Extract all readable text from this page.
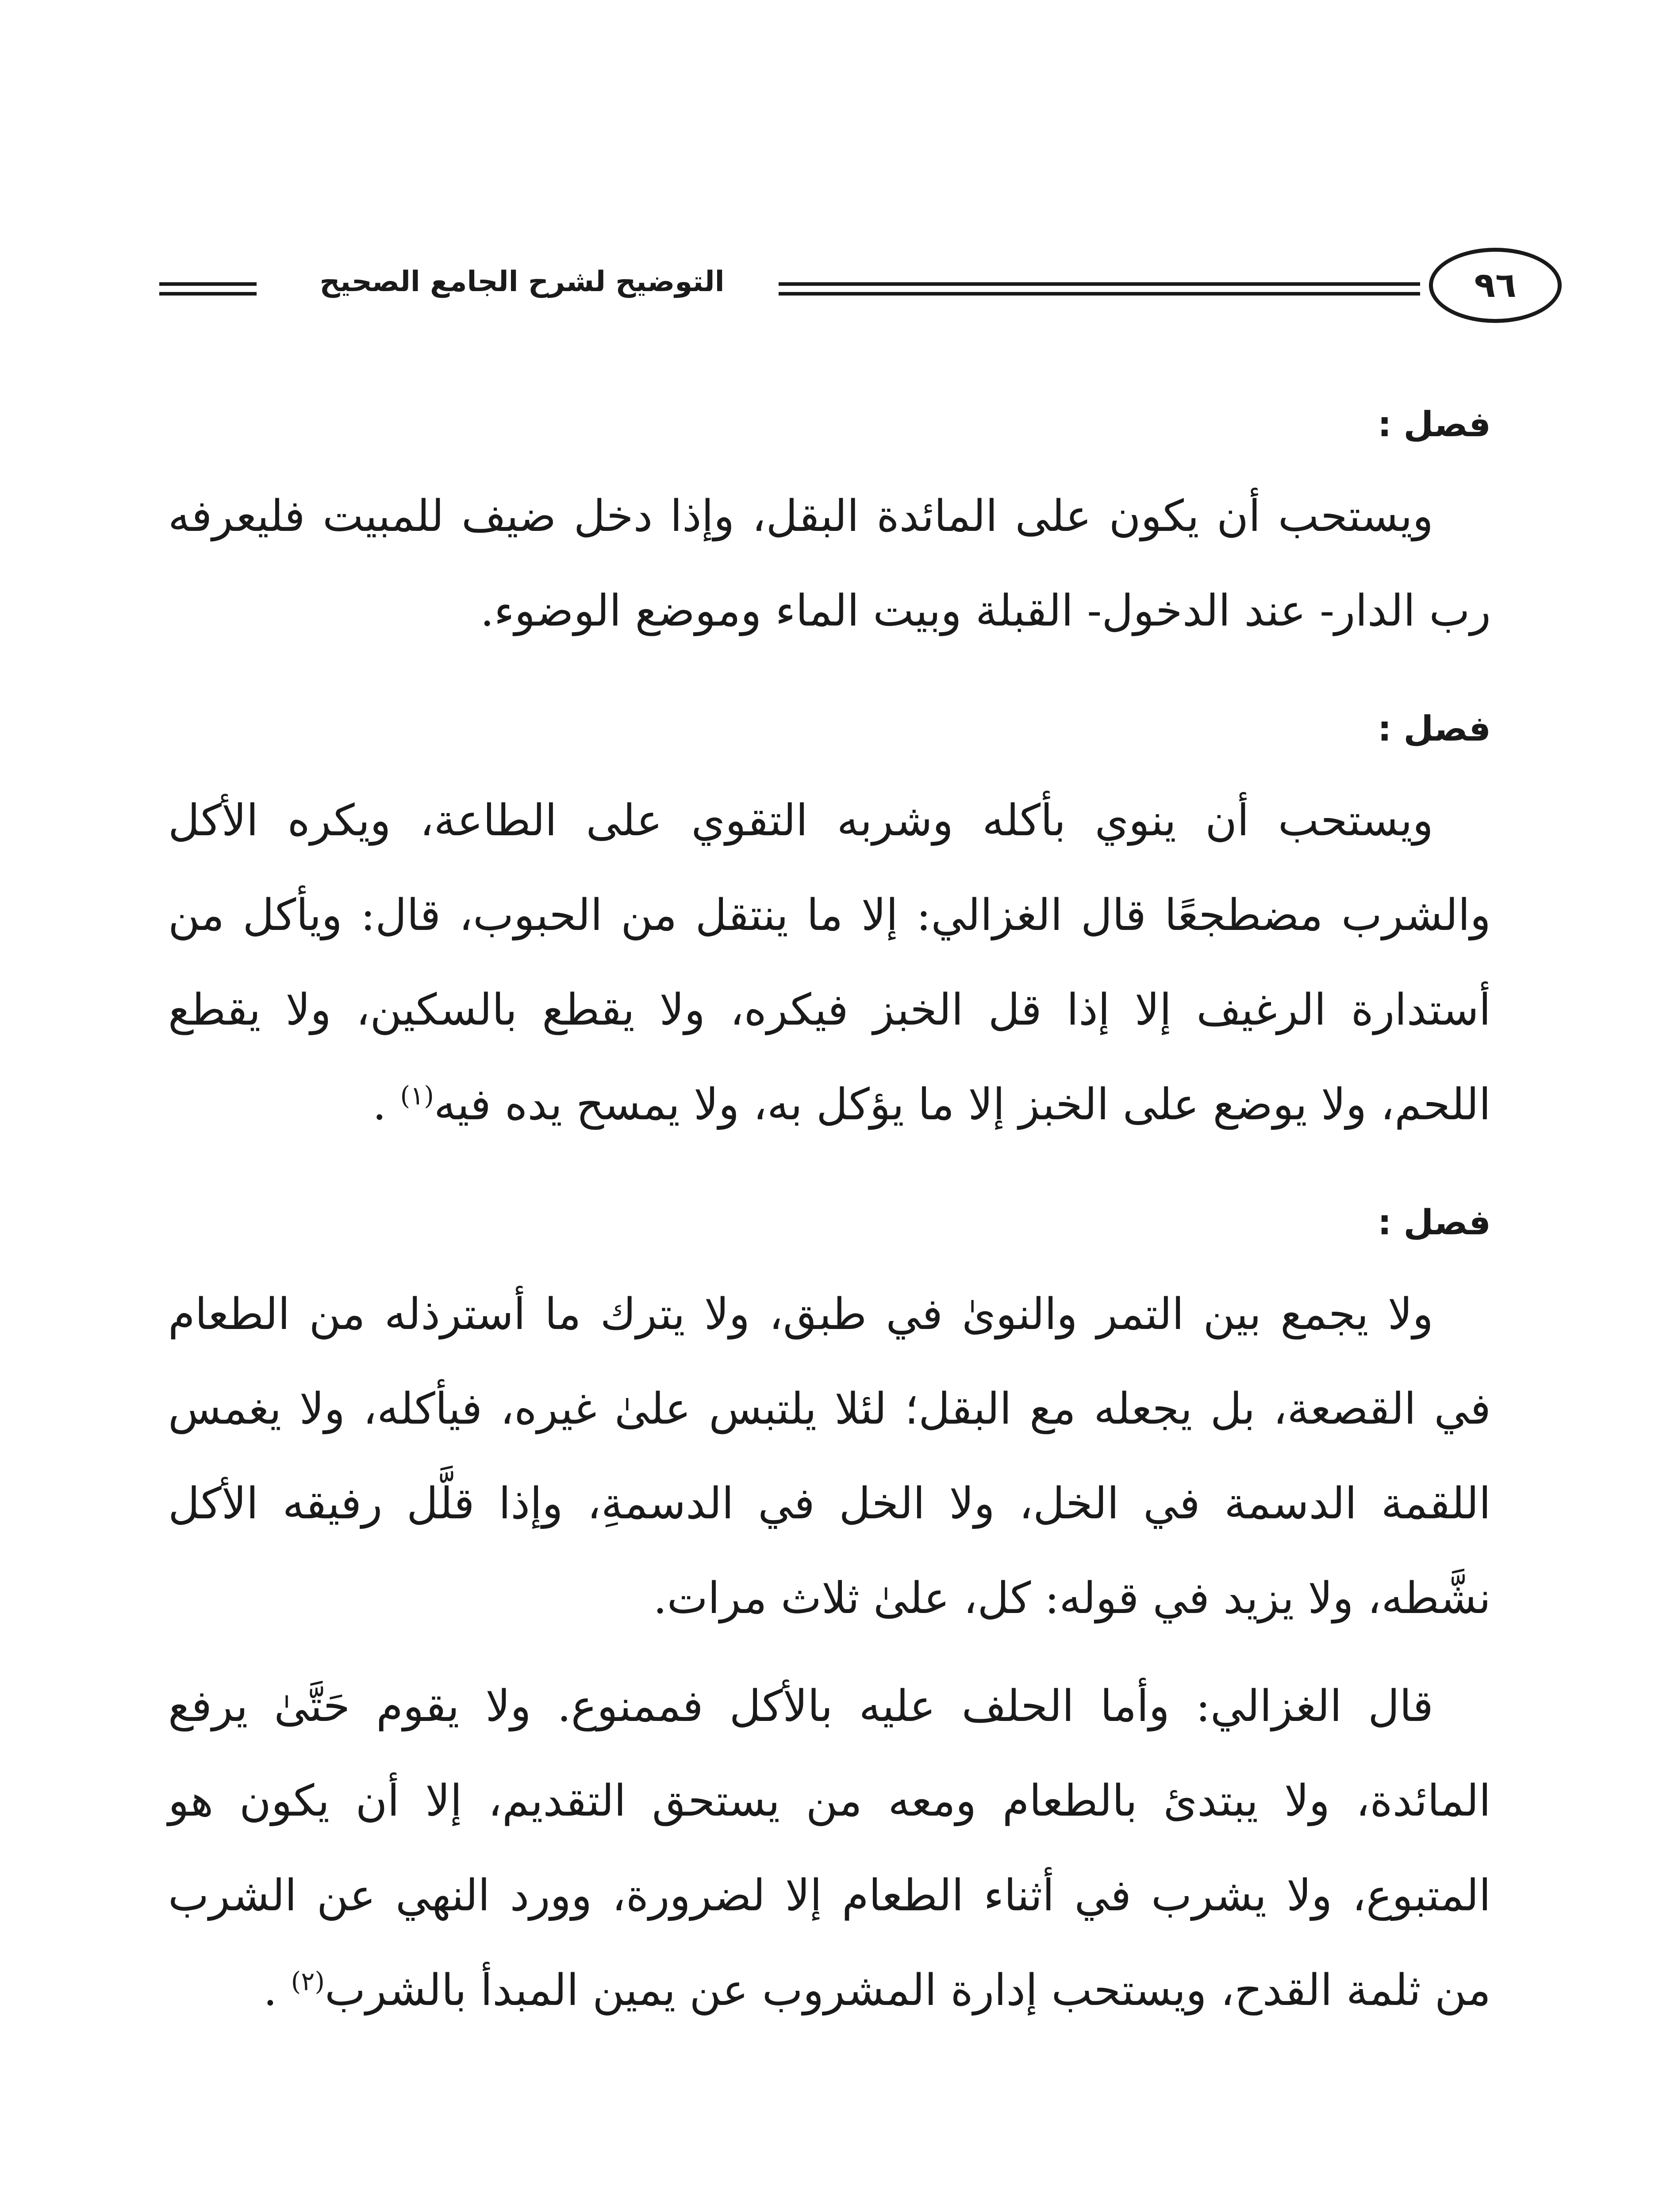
التوضيح لشرح الجامع الصحيح	٩٦
فصل :

ويستحب أن يكون على المائدة البقل، وإذا دخل ضيف للمبيت فليعرفه رب الدار- عند الدخول- القبلة وبيت الماء وموضع الوضوء.

فصل :

ويستحب أن ينوي بأكله وشربه التقوي على الطاعة، ويكره الأكل والشرب مضطجعًا قال الغزالي: إلا ما ينتقل من الحبوب، قال: ويأكل من أستدارة الرغيف إلا إذا قل الخبز فيكره، ولا يقطع بالسكين، ولا يقطع اللحم، ولا يوضع على الخبز إلا ما يؤكل به، ولا يمسح يده فيه$^{(١)}$ .

فصل :

ولا يجمع بين التمر والنوىٰ في طبق، ولا يترك ما أسترذله من الطعام في القصعة، بل يجعله مع البقل؛ لئلا يلتبس علىٰ غيره، فيأكله، ولا يغمس اللقمة الدسمة في الخل، ولا الخل في الدسمةِ، وإذا قلَّل رفيقه الأكل نشَّطه، ولا يزيد في قوله: كل، علىٰ ثلاث مرات.

قال الغزالي: وأما الحلف عليه بالأكل فممنوع. ولا يقوم حَتَّىٰ يرفع المائدة، ولا يبتدئ بالطعام ومعه من يستحق التقديم، إلا أن يكون هو المتبوع، ولا يشرب في أثناء الطعام إلا لضرورة، وورد النهي عن الشرب من ثلمة القدح، ويستحب إدارة المشروب عن يمين المبدأ بالشرب$^{(٢)}$ .
